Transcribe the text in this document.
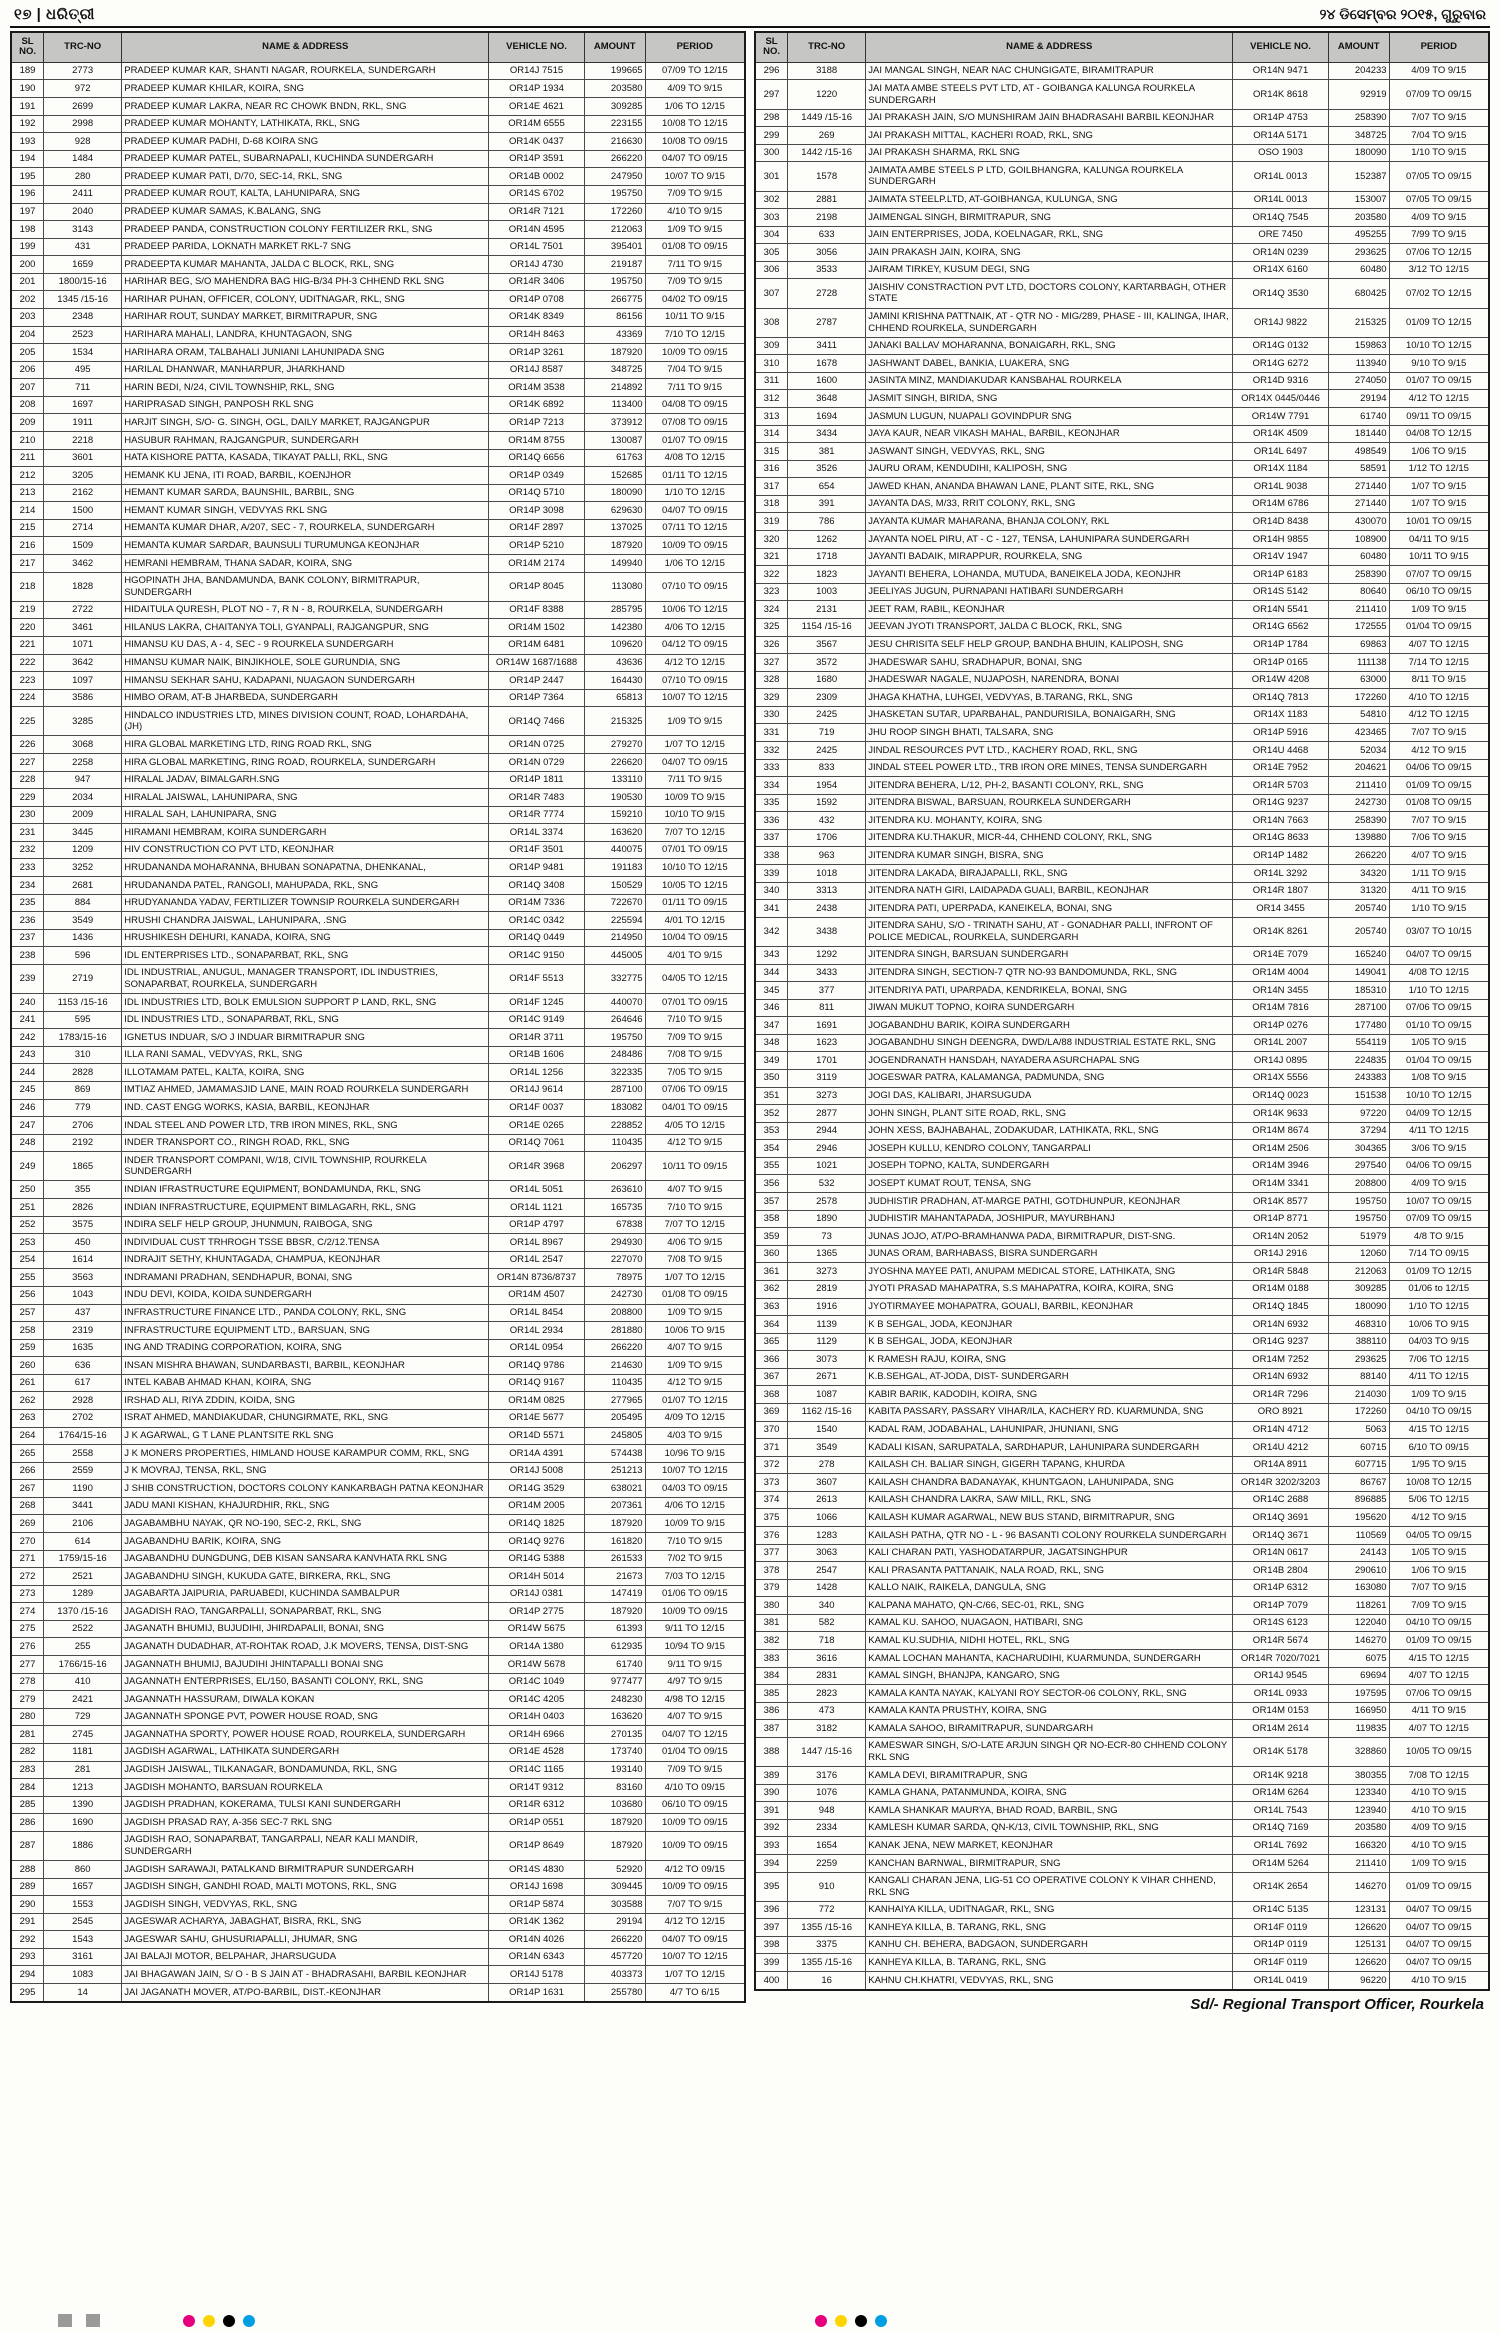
୧୭ | ଧରିତ୍ରୀ	୨୪ ଡିସେମ୍ବର ୨୦୧୫, ଗୁରୁବାର
SL NO.	TRC-NO	NAME & ADDRESS	VEHICLE NO.	AMOUNT	PERIOD
189	2773	PRADEEP KUMAR KAR, SHANTI NAGAR, ROURKELA, SUNDERGARH	OR14J 7515	199665	07/09 TO 12/15
190	972	PRADEEP KUMAR KHILAR, KOIRA, SNG	OR14P 1934	203580	4/09 TO 9/15
191	2699	PRADEEP KUMAR LAKRA, NEAR RC CHOWK BNDN, RKL, SNG	OR14E 4621	309285	1/06 TO 12/15
192	2998	PRADEEP KUMAR MOHANTY, LATHIKATA, RKL, SNG	OR14M 6555	223155	10/08 TO 12/15
193	928	PRADEEP KUMAR PADHI, D-68 KOIRA SNG	OR14K 0437	216630	10/08 TO 09/15
194	1484	PRADEEP KUMAR PATEL, SUBARNAPALI, KUCHINDA SUNDERGARH	OR14P 3591	266220	04/07 TO 09/15
195	280	PRADEEP KUMAR PATI, D/70, SEC-14, RKL, SNG	OR14B 0002	247950	10/07 TO 9/15
196	2411	PRADEEP KUMAR ROUT, KALTA, LAHUNIPARA, SNG	OR14S 6702	195750	7/09 TO 9/15
197	2040	PRADEEP KUMAR SAMAS, K.BALANG, SNG	OR14R 7121	172260	4/10 TO 9/15
198	3143	PRADEEP PANDA, CONSTRUCTION COLONY FERTILIZER RKL, SNG	OR14N 4595	212063	1/09 TO 9/15
199	431	PRADEEP PARIDA, LOKNATH MARKET RKL-7 SNG	OR14L 7501	395401	01/08 TO 09/15
200	1659	PRADEEPTA KUMAR MAHANTA, JALDA C BLOCK, RKL, SNG	OR14J 4730	219187	7/11 TO 9/15
201	1800/15-16	HARIHAR BEG, S/O MAHENDRA BAG HIG-B/34 PH-3 CHHEND RKL SNG	OR14R 3406	195750	7/09 TO 9/15
202	1345 /15-16	HARIHAR PUHAN, OFFICER, COLONY, UDITNAGAR, RKL, SNG	OR14P 0708	266775	04/02 TO 09/15
203	2348	HARIHAR ROUT, SUNDAY MARKET, BIRMITRAPUR, SNG	OR14K 8349	86156	10/11 TO 9/15
204	2523	HARIHARA MAHALI, LANDRA, KHUNTAGAON, SNG	OR14H 8463	43369	7/10 TO 12/15
205	1534	HARIHARA ORAM, TALBAHALI JUNIANI LAHUNIPADA SNG	OR14P 3261	187920	10/09 TO 09/15
206	495	HARILAL DHANWAR, MANHARPUR, JHARKHAND	OR14J 8587	348725	7/04 TO 9/15
207	711	HARIN BEDI, N/24, CIVIL TOWNSHIP, RKL, SNG	OR14M 3538	214892	7/11 TO 9/15
208	1697	HARIPRASAD SINGH, PANPOSH RKL SNG	OR14K 6892	113400	04/08 TO 09/15
209	1911	HARJIT SINGH, S/O- G. SINGH, OGL, DAILY MARKET, RAJGANGPUR	OR14P 7213	373912	07/08 TO 09/15
210	2218	HASUBUR RAHMAN, RAJGANGPUR, SUNDERGARH	OR14M 8755	130087	01/07 TO 09/15
211	3601	HATA KISHORE PATTA, KASADA, TIKAYAT PALLI, RKL, SNG	OR14Q 6656	61763	4/08 TO 12/15
212	3205	HEMANK KU JENA, ITI ROAD, BARBIL, KOENJHOR	OR14P 0349	152685	01/11 TO 12/15
213	2162	HEMANT KUMAR SARDA, BAUNSHIL, BARBIL, SNG	OR14Q 5710	180090	1/10 TO 12/15
214	1500	HEMANT KUMAR SINGH, VEDVYAS RKL SNG	OR14P 3098	629630	04/07 TO 09/15
215	2714	HEMANTA KUMAR DHAR, A/207, SEC - 7, ROURKELA, SUNDERGARH	OR14F 2897	137025	07/11 TO 12/15
216	1509	HEMANTA KUMAR SARDAR, BAUNSULI TURUMUNGA KEONJHAR	OR14P 5210	187920	10/09 TO 09/15
217	3462	HEMRANI HEMBRAM, THANA SADAR, KOIRA, SNG	OR14M 2174	149940	1/06 TO 12/15
218	1828	HGOPINATH JHA, BANDAMUNDA, BANK COLONY, BIRMITRAPUR, SUNDERGARH	OR14P 8045	113080	07/10 TO 09/15
219	2722	HIDAITULA QURESH, PLOT NO - 7, R N - 8, ROURKELA, SUNDERGARH	OR14F 8388	285795	10/06 TO 12/15
220	3461	HILANUS LAKRA, CHAITANYA TOLI, GYANPALI, RAJGANGPUR, SNG	OR14M 1502	142380	4/06 TO 12/15
221	1071	HIMANSU KU DAS, A - 4, SEC - 9 ROURKELA SUNDERGARH	OR14M 6481	109620	04/12 TO 09/15
222	3642	HIMANSU KUMAR NAIK, BINJIKHOLE, SOLE GURUNDIA, SNG	OR14W 1687/1688	43636	4/12 TO 12/15
223	1097	HIMANSU SEKHAR SAHU, KADAPANI, NUAGAON SUNDERGARH	OR14P 2447	164430	07/10 TO 09/15
224	3586	HIMBO ORAM, AT-B JHARBEDA, SUNDERGARH	OR14P 7364	65813	10/07 TO 12/15
225	3285	HINDALCO INDUSTRIES LTD, MINES DIVISION COUNT, ROAD, LOHARDAHA, (JH)	OR14Q 7466	215325	1/09 TO 9/15
226	3068	HIRA GLOBAL MARKETING LTD, RING ROAD RKL, SNG	OR14N 0725	279270	1/07 TO 12/15
227	2258	HIRA GLOBAL MARKETING, RING ROAD, ROURKELA, SUNDERGARH	OR14N 0729	226620	04/07 TO 09/15
228	947	HIRALAL JADAV, BIMALGARH.SNG	OR14P 1811	133110	7/11 TO 9/15
229	2034	HIRALAL JAISWAL, LAHUNIPARA, SNG	OR14R 7483	190530	10/09 TO 9/15
230	2009	HIRALAL SAH, LAHUNIPARA, SNG	OR14R 7774	159210	10/10 TO 9/15
231	3445	HIRAMANI HEMBRAM, KOIRA SUNDERGARH	OR14L 3374	163620	7/07 TO 12/15
232	1209	HIV CONSTRUCTION CO PVT LTD, KEONJHAR	OR14F 3501	440075	07/01 TO 09/15
233	3252	HRUDANANDA MOHARANNA, BHUBAN SONAPATNA, DHENKANAL,	OR14P 9481	191183	10/10 TO 12/15
234	2681	HRUDANANDA PATEL, RANGOLI, MAHUPADA, RKL, SNG	OR14Q 3408	150529	10/05 TO 12/15
235	884	HRUDYANANDA YADAV, FERTILIZER TOWNSIP ROURKELA SUNDERGARH	OR14M 7336	722670	01/11 TO 09/15
236	3549	HRUSHI CHANDRA JAISWAL, LAHUNIPARA, .SNG	OR14C 0342	225594	4/01 TO 12/15
237	1436	HRUSHIKESH DEHURI, KANADA, KOIRA, SNG	OR14Q 0449	214950	10/04 TO 09/15
238	596	IDL ENTERPRISES LTD., SONAPARBAT, RKL, SNG	OR14C 9150	445005	4/01 TO 9/15
239	2719	IDL INDUSTRIAL, ANUGUL, MANAGER TRANSPORT, IDL INDUSTRIES, SONAPARBAT, ROURKELA, SUNDERGARH	OR14F 5513	332775	04/05 TO 12/15
240	1153 /15-16	IDL INDUSTRIES LTD, BOLK EMULSION SUPPORT P LAND, RKL, SNG	OR14F 1245	440070	07/01 TO 09/15
241	595	IDL INDUSTRIES LTD., SONAPARBAT, RKL, SNG	OR14C 9149	264646	7/10 TO 9/15
242	1783/15-16	IGNETUS INDUAR, S/O J INDUAR BIRMITRAPUR SNG	OR14R 3711	195750	7/09 TO 9/15
243	310	ILLA RANI SAMAL, VEDVYAS, RKL, SNG	OR14B 1606	248486	7/08 TO 9/15
244	2828	ILLOTAMAM PATEL, KALTA, KOIRA, SNG	OR14L 1256	322335	7/05 TO 9/15
245	869	IMTIAZ AHMED, JAMAMASJID LANE, MAIN ROAD ROURKELA SUNDERGARH	OR14J 9614	287100	07/06 TO 09/15
246	779	IND. CAST ENGG WORKS, KASIA, BARBIL, KEONJHAR	OR14F 0037	183082	04/01 TO 09/15
247	2706	INDAL STEEL AND POWER LTD, TRB IRON MINES, RKL, SNG	OR14E 0265	228852	4/05 TO 12/15
248	2192	INDER TRANSPORT CO., RINGH ROAD, RKL, SNG	OR14Q 7061	110435	4/12 TO 9/15
249	1865	INDER TRANSPORT COMPANI, W/18, CIVIL TOWNSHIP, ROURKELA SUNDERGARH	OR14R 3968	206297	10/11 TO 09/15
250	355	INDIAN IFRASTRUCTURE EQUIPMENT, BONDAMUNDA, RKL, SNG	OR14L 5051	263610	4/07 TO 9/15
251	2826	INDIAN INFRASTRUCTURE, EQUIPMENT BIMLAGARH, RKL, SNG	OR14L 1121	165735	7/10 TO 9/15
252	3575	INDIRA SELF HELP GROUP, JHUNMUN, RAIBOGA, SNG	OR14P 4797	67838	7/07 TO 12/15
253	450	INDIVIDUAL CUST TRHROGH TSSE BBSR, C/2/12.TENSA	OR14L 8967	294930	4/06 TO 9/15
254	1614	INDRAJIT SETHY, KHUNTAGADA, CHAMPUA, KEONJHAR	OR14L 2547	227070	7/08 TO 9/15
255	3563	INDRAMANI PRADHAN, SENDHAPUR, BONAI, SNG	OR14N 8736/8737	78975	1/07 TO 12/15
256	1043	INDU DEVI, KOIDA, KOIDA SUNDERGARH	OR14M 4507	242730	01/08 TO 09/15
257	437	INFRASTRUCTURE FINANCE LTD., PANDA COLONY, RKL, SNG	OR14L 8454	208800	1/09 TO 9/15
258	2319	INFRASTRUCTURE EQUIPMENT LTD., BARSUAN, SNG	OR14L 2934	281880	10/06 TO 9/15
259	1635	ING AND TRADING CORPORATION, KOIRA, SNG	OR14L 0954	266220	4/07 TO 9/15
260	636	INSAN MISHRA BHAWAN, SUNDARBASTI, BARBIL, KEONJHAR	OR14Q 9786	214630	1/09 TO 9/15
261	617	INTEL KABAB AHMAD KHAN, KOIRA, SNG	OR14Q 9167	110435	4/12 TO 9/15
262	2928	IRSHAD ALI, RIYA ZDDIN, KOIDA, SNG	OR14M 0825	277965	01/07 TO 12/15
263	2702	ISRAT AHMED, MANDIAKUDAR, CHUNGIRMATE, RKL, SNG	OR14E 5677	205495	4/09 TO 12/15
264	1764/15-16	J K AGARWAL, G T LANE PLANTSITE RKL SNG	OR14D 5571	245805	4/03 TO 9/15
265	2558	J K MONERS PROPERTIES, HIMLAND HOUSE KARAMPUR COMM, RKL, SNG	OR14A 4391	574438	10/96 TO 9/15
266	2559	J K MOVRAJ, TENSA, RKL, SNG	OR14J 5008	251213	10/07 TO 12/15
267	1190	J SHIB CONSTRUCTION, DOCTORS COLONY KANKARBAGH PATNA KEONJHAR	OR14G 3529	638021	04/03 TO 09/15
268	3441	JADU MANI KISHAN, KHAJURDHIR, RKL, SNG	OR14M 2005	207361	4/06 TO 12/15
269	2106	JAGABAMBHU NAYAK, QR NO-190, SEC-2, RKL, SNG	OR14Q 1825	187920	10/09 TO 9/15
270	614	JAGABANDHU BARIK, KOIRA, SNG	OR14Q 9276	161820	7/10 TO 9/15
271	1759/15-16	JAGABANDHU DUNGDUNG, DEB KISAN SANSARA KANVHATA RKL SNG	OR14G 5388	261533	7/02 TO 9/15
272	2521	JAGABANDHU SINGH, KUKUDA GATE, BIRKERA, RKL, SNG	OR14H 5014	21673	7/03 TO 12/15
273	1289	JAGABARTA JAIPURIA, PARUABEDI, KUCHINDA SAMBALPUR	OR14J 0381	147419	01/06 TO 09/15
274	1370 /15-16	JAGADISH RAO, TANGARPALLI, SONAPARBAT, RKL, SNG	OR14P 2775	187920	10/09 TO 09/15
275	2522	JAGANATH BHUMIJ, BUJUDIHI, JHIRDAPALII, BONAI, SNG	OR14W 5675	61393	9/11 TO 12/15
276	255	JAGANATH DUDADHAR, AT-ROHTAK ROAD, J.K MOVERS, TENSA, DIST-SNG	OR14A 1380	612935	10/94 TO 9/15
277	1766/15-16	JAGANNATH BHUMIJ, BAJUDIHI JHINTAPALLI BONAI SNG	OR14W 5678	61740	9/11 TO 9/15
278	410	JAGANNATH ENTERPRISES, EL/150, BASANTI COLONY, RKL, SNG	OR14C 1049	977477	4/97 TO 9/15
279	2421	JAGANNATH HASSURAM, DIWALA KOKAN	OR14C 4205	248230	4/98 TO 12/15
280	729	JAGANNATH SPONGE PVT, POWER HOUSE ROAD, SNG	OR14H 0403	163620	4/07 TO 9/15
281	2745	JAGANNATHA SPORTY, POWER HOUSE ROAD, ROURKELA, SUNDERGARH	OR14H 6966	270135	04/07 TO 12/15
282	1181	JAGDISH AGARWAL, LATHIKATA SUNDERGARH	OR14E 4528	173740	01/04 TO 09/15
283	281	JAGDISH JAISWAL, TILKANAGAR, BONDAMUNDA, RKL, SNG	OR14C 1165	193140	7/09 TO 9/15
284	1213	JAGDISH MOHANTO, BARSUAN ROURKELA	OR14T 9312	83160	4/10 TO 09/15
285	1390	JAGDISH PRADHAN, KOKERAMA, TULSI KANI SUNDERGARH	OR14R 6312	103680	06/10 TO 09/15
286	1690	JAGDISH PRASAD RAY, A-356 SEC-7 RKL SNG	OR14P 0551	187920	10/09 TO 09/15
287	1886	JAGDISH RAO, SONAPARBAT, TANGARPALI, NEAR KALI MANDIR, SUNDERGARH	OR14P 8649	187920	10/09 TO 09/15
288	860	JAGDISH SARAWAJI, PATALKAND BIRMITRAPUR SUNDERGARH	OR14S 4830	52920	4/12 TO 09/15
289	1657	JAGDISH SINGH, GANDHI ROAD, MALTI MOTONS, RKL, SNG	OR14J 1698	309445	10/09 TO 09/15
290	1553	JAGDISH SINGH, VEDVYAS, RKL, SNG	OR14P 5874	303588	7/07 TO 9/15
291	2545	JAGESWAR ACHARYA, JABAGHAT, BISRA, RKL, SNG	OR14K 1362	29194	4/12 TO 12/15
292	1543	JAGESWAR SAHU, GHUSURIAPALLI, JHUMAR, SNG	OR14N 4026	266220	04/07 TO 09/15
293	3161	JAI BALAJI MOTOR, BELPAHAR, JHARSUGUDA	OR14N 6343	457720	10/07 TO 12/15
294	1083	JAI BHAGAWAN JAIN, S/ O - B S JAIN AT - BHADRASAHI, BARBIL KEONJHAR	OR14J 5178	403373	1/07 TO 12/15
295	14	JAI JAGANATH MOVER, AT/PO-BARBIL, DIST.-KEONJHAR	OR14P 1631	255780	4/7 TO 6/15
SL NO.	TRC-NO	NAME & ADDRESS	VEHICLE NO.	AMOUNT	PERIOD
296	3188	JAI MANGAL SINGH, NEAR NAC CHUNGIGATE, BIRAMITRAPUR	OR14N 9471	204233	4/09 TO 9/15
297	1220	JAI MATA AMBE STEELS PVT LTD, AT - GOIBANGA KALUNGA ROURKELA SUNDERGARH	OR14K 8618	92919	07/09 TO 09/15
298	1449 /15-16	JAI PRAKASH JAIN, S/O MUNSHIRAM JAIN BHADRASAHI BARBIL KEONJHAR	OR14P 4753	258390	7/07 TO 9/15
299	269	JAI PRAKASH MITTAL, KACHERI ROAD, RKL, SNG	OR14A 5171	348725	7/04 TO 9/15
300	1442 /15-16	JAI PRAKASH SHARMA, RKL SNG	OSO 1903	180090	1/10 TO 9/15
301	1578	JAIMATA AMBE STEELS P LTD, GOILBHANGRA, KALUNGA ROURKELA SUNDERGARH	OR14L 0013	152387	07/05 TO 09/15
302	2881	JAIMATA STEELP.LTD, AT-GOIBHANGA, KULUNGA, SNG	OR14L 0013	153007	07/05 TO 09/15
303	2198	JAIMENGAL SINGH, BIRMITRAPUR, SNG	OR14Q 7545	203580	4/09 TO 9/15
304	633	JAIN ENTERPRISES, JODA, KOELNAGAR, RKL, SNG	ORE 7450	495255	7/99 TO 9/15
305	3056	JAIN PRAKASH JAIN, KOIRA, SNG	OR14N 0239	293625	07/06 TO 12/15
306	3533	JAIRAM TIRKEY, KUSUM DEGI, SNG	OR14X 6160	60480	3/12 TO 12/15
307	2728	JAISHIV CONSTRACTION PVT LTD, DOCTORS COLONY, KARTARBAGH, OTHER STATE	OR14Q 3530	680425	07/02 TO 12/15
308	2787	JAMINI KRISHNA PATTNAIK, AT - QTR NO - MIG/289, PHASE - III, KALINGA, IHAR, CHHEND ROURKELA, SUNDERGARH	OR14J 9822	215325	01/09 TO 12/15
309	3411	JANAKI BALLAV MOHARANNA, BONAIGARH, RKL, SNG	OR14G 0132	159863	10/10 TO 12/15
310	1678	JASHWANT DABEL, BANKIA, LUAKERA, SNG	OR14G 6272	113940	9/10 TO 9/15
311	1600	JASINTA MINZ, MANDIAKUDAR KANSBAHAL ROURKELA	OR14D 9316	274050	01/07 TO 09/15
312	3648	JASMIT SINGH, BIRIDA, SNG	OR14X 0445/0446	29194	4/12 TO 12/15
313	1694	JASMUN LUGUN, NUAPALI GOVINDPUR SNG	OR14W 7791	61740	09/11 TO 09/15
314	3434	JAYA KAUR, NEAR VIKASH MAHAL, BARBIL, KEONJHAR	OR14K 4509	181440	04/08 TO 12/15
315	381	JASWANT SINGH, VEDVYAS, RKL, SNG	OR14L 6497	498549	1/06 TO 9/15
316	3526	JAURU ORAM, KENDUDIHI, KALIPOSH, SNG	OR14X 1184	58591	1/12 TO 12/15
317	654	JAWED KHAN, ANANDA BHAWAN LANE, PLANT SITE, RKL, SNG	OR14L 9038	271440	1/07 TO 9/15
318	391	JAYANTA DAS, M/33, RRIT COLONY, RKL, SNG	OR14M 6786	271440	1/07 TO 9/15
319	786	JAYANTA KUMAR MAHARANA, BHANJA COLONY, RKL	OR14D 8438	430070	10/01 TO 09/15
320	1262	JAYANTA NOEL PIRU, AT - C - 127, TENSA, LAHUNIPARA SUNDERGARH	OR14H 9855	108900	04/11 TO 9/15
321	1718	JAYANTI BADAIK, MIRAPPUR, ROURKELA, SNG	OR14V 1947	60480	10/11 TO 9/15
322	1823	JAYANTI BEHERA, LOHANDA, MUTUDA, BANEIKELA JODA, KEONJHR	OR14P 6183	258390	07/07 TO 09/15
323	1003	JEELIYAS JUGUN, PURNAPANI HATIBARI SUNDERGARH	OR14S 5142	80640	06/10 TO 09/15
324	2131	JEET RAM, RABIL, KEONJHAR	OR14N 5541	211410	1/09 TO 9/15
325	1154 /15-16	JEEVAN JYOTI TRANSPORT, JALDA C BLOCK, RKL, SNG	OR14G 6562	172555	01/04 TO 09/15
326	3567	JESU CHRISITA SELF HELP GROUP, BANDHA BHUIN, KALIPOSH, SNG	OR14P 1784	69863	4/07 TO 12/15
327	3572	JHADESWAR SAHU, SRADHAPUR, BONAI, SNG	OR14P 0165	111138	7/14 TO 12/15
328	1680	JHADESWAR NAGALE, NUJAPOSH, NARENDRA, BONAI	OR14W 4208	63000	8/11 TO 9/15
329	2309	JHAGA KHATHA, LUHGEI, VEDVYAS, B.TARANG, RKL, SNG	OR14Q 7813	172260	4/10 TO 12/15
330	2425	JHASKETAN SUTAR, UPARBAHAL, PANDURISILA, BONAIGARH, SNG	OR14X 1183	54810	4/12 TO 12/15
331	719	JHU ROOP SINGH BHATI, TALSARA, SNG	OR14P 5916	423465	7/07 TO 9/15
332	2425	JINDAL RESOURCES PVT LTD., KACHERY ROAD, RKL, SNG	OR14U 4468	52034	4/12 TO 9/15
333	833	JINDAL STEEL POWER LTD., TRB IRON ORE MINES, TENSA SUNDERGARH	OR14E 7952	204621	04/06 TO 09/15
334	1954	JITENDRA BEHERA, L/12, PH-2, BASANTI COLONY, RKL, SNG	OR14R 5703	211410	01/09 TO 09/15
335	1592	JITENDRA BISWAL, BARSUAN, ROURKELA SUNDERGARH	OR14G 9237	242730	01/08 TO 09/15
336	432	JITENDRA KU. MOHANTY, KOIRA, SNG	OR14N 7663	258390	7/07 TO 9/15
337	1706	JITENDRA KU.THAKUR, MICR-44, CHHEND COLONY, RKL, SNG	OR14G 8633	139880	7/06 TO 9/15
338	963	JITENDRA KUMAR SINGH, BISRA, SNG	OR14P 1482	266220	4/07 TO 9/15
339	1018	JITENDRA LAKADA, BIRAJAPALLI, RKL, SNG	OR14L 3292	34320	1/11 TO 9/15
340	3313	JITENDRA NATH GIRI, LAIDAPADA GUALI, BARBIL, KEONJHAR	OR14R 1807	31320	4/11 TO 9/15
341	2438	JITENDRA PATI, UPERPADA, KANEIKELA, BONAI, SNG	OR14 3455	205740	1/10 TO 9/15
342	3438	JITENDRA SAHU, S/O - TRINATH SAHU, AT - GONADHAR PALLI, INFRONT OF POLICE MEDICAL, ROURKELA, SUNDERGARH	OR14K 8261	205740	03/07 TO 10/15
343	1292	JITENDRA SINGH, BARSUAN SUNDERGARH	OR14E 7079	165240	04/07 TO 09/15
344	3433	JITENDRA SINGH, SECTION-7 QTR NO-93 BANDOMUNDA, RKL, SNG	OR14M 4004	149041	4/08 TO 12/15
345	377	JITENDRIYA PATI, UPARPADA, KENDRIKELA, BONAI, SNG	OR14N 3455	185310	1/10 TO 12/15
346	811	JIWAN MUKUT TOPNO, KOIRA SUNDERGARH	OR14M 7816	287100	07/06 TO 09/15
347	1691	JOGABANDHU BARIK, KOIRA SUNDERGARH	OR14P 0276	177480	01/10 TO 09/15
348	1623	JOGABANDHU SINGH DEENGRA, DWD/LA/88 INDUSTRIAL ESTATE RKL, SNG	OR14L 2007	554119	1/05 TO 9/15
349	1701	JOGENDRANATH HANSDAH, NAYADERA ASURCHAPAL SNG	OR14J 0895	224835	01/04 TO 09/15
350	3119	JOGESWAR PATRA, KALAMANGA, PADMUNDA, SNG	OR14X 5556	243383	1/08 TO 9/15
351	3273	JOGI DAS, KALIBARI, JHARSUGUDA	OR14Q 0023	151538	10/10 TO 12/15
352	2877	JOHN SINGH, PLANT SITE ROAD, RKL, SNG	OR14K 9633	97220	04/09 TO 12/15
353	2944	JOHN XESS, BAJHABAHAL, ZODAKUDAR, LATHIKATA, RKL, SNG	OR14M 8674	37294	4/11 TO 12/15
354	2946	JOSEPH KULLU, KENDRO COLONY, TANGARPALI	OR14M 2506	304365	3/06 TO 9/15
355	1021	JOSEPH TOPNO, KALTA, SUNDERGARH	OR14M 3946	297540	04/06 TO 09/15
356	532	JOSEPT KUMAT ROUT, TENSA, SNG	OR14M 3341	208800	4/09 TO 9/15
357	2578	JUDHISTIR PRADHAN, AT-MARGE PATHI, GOTDHUNPUR, KEONJHAR	OR14K 8577	195750	10/07 TO 09/15
358	1890	JUDHISTIR MAHANTAPADA, JOSHIPUR, MAYURBHANJ	OR14P 8771	195750	07/09 TO 09/15
359	73	JUNAS JOJO, AT/PO-BRAMHANWA PADA, BIRMITRAPUR, DIST-SNG.	OR14N 2052	51979	4/8 TO 9/15
360	1365	JUNAS ORAM, BARHABASS, BISRA SUNDERGARH	OR14J 2916	12060	7/14 TO 09/15
361	3273	JYOSHNA MAYEE PATI, ANUPAM MEDICAL STORE, LATHIKATA, SNG	OR14R 5848	212063	01/09 TO 12/15
362	2819	JYOTI PRASAD MAHAPATRA, S.S MAHAPATRA, KOIRA, KOIRA, SNG	OR14M 0188	309285	01/06 to 12/15
363	1916	JYOTIRMAYEE MOHAPATRA, GOUALI, BARBIL, KEONJHAR	OR14Q 1845	180090	1/10 TO 12/15
364	1139	K B SEHGAL, JODA, KEONJHAR	OR14N 6932	468310	10/06 TO 9/15
365	1129	K B SEHGAL, JODA, KEONJHAR	OR14G 9237	388110	04/03 TO 9/15
366	3073	K RAMESH RAJU, KOIRA, SNG	OR14M 7252	293625	7/06 TO 12/15
367	2671	K.B.SEHGAL, AT-JODA, DIST- SUNDERGARH	OR14N 6932	88140	4/11 TO 12/15
368	1087	KABIR BARIK, KADODIH, KOIRA, SNG	OR14R 7296	214030	1/09 TO 9/15
369	1162 /15-16	KABITA PASSARY, PASSARY VIHAR/ILA, KACHERY RD. KUARMUNDA, SNG	ORO 8921	172260	04/10 TO 09/15
370	1540	KADAL RAM, JODABAHAL, LAHUNIPAR, JHUNIANI, SNG	OR14N 4712	5063	4/15 TO 12/15
371	3549	KADALI KISAN, SARUPATALA, SARDHAPUR, LAHUNIPARA SUNDERGARH	OR14U 4212	60715	6/10 TO 09/15
372	278	KAILASH CH. BALIAR SINGH, GIGERH TAPANG, KHURDA	OR14A 8911	607715	1/95 TO 9/15
373	3607	KAILASH CHANDRA BADANAYAK, KHUNTGAON, LAHUNIPADA, SNG	OR14R 3202/3203	86767	10/08 TO 12/15
374	2613	KAILASH CHANDRA LAKRA, SAW MILL, RKL, SNG	OR14C 2688	896885	5/06 TO 12/15
375	1066	KAILASH KUMAR AGARWAL, NEW BUS STAND, BIRMITRAPUR, SNG	OR14Q 3691	195620	4/12 TO 9/15
376	1283	KAILASH PATHA, QTR NO - L - 96 BASANTI COLONY ROURKELA SUNDERGARH	OR14Q 3671	110569	04/05 TO 09/15
377	3063	KALI CHARAN PATI, YASHODATARPUR, JAGATSINGHPUR	OR14N 0617	24143	1/05 TO 9/15
378	2547	KALI PRASANTA PATTANAIK, NALA ROAD, RKL, SNG	OR14B 2804	290610	1/06 TO 9/15
379	1428	KALLO NAIK, RAIKELA, DANGULA, SNG	OR14P 6312	163080	7/07 TO 9/15
380	340	KALPANA MAHATO, QN-C/66, SEC-01, RKL, SNG	OR14P 7079	118261	7/09 TO 9/15
381	582	KAMAL KU. SAHOO, NUAGAON, HATIBARI, SNG	OR14S 6123	122040	04/10 TO 09/15
382	718	KAMAL KU.SUDHIA, NIDHI HOTEL, RKL, SNG	OR14R 5674	146270	01/09 TO 09/15
383	3616	KAMAL LOCHAN MAHANTA, KACHARUDIHI, KUARMUNDA, SUNDERGARH	OR14R 7020/7021	6075	4/15 TO 12/15
384	2831	KAMAL SINGH, BHANJPA, KANGARO, SNG	OR14J 9545	69694	4/07 TO 12/15
385	2823	KAMALA KANTA NAYAK, KALYANI ROY SECTOR-06 COLONY, RKL, SNG	OR14L 0933	197595	07/06 TO 09/15
386	473	KAMALA KANTA PRUSTHY, KOIRA, SNG	OR14M 0153	166950	4/11 TO 9/15
387	3182	KAMALA SAHOO, BIRAMITRAPUR, SUNDARGARH	OR14M 2614	119835	4/07 TO 12/15
388	1447 /15-16	KAMESWAR SINGH, S/O-LATE ARJUN SINGH QR NO-ECR-80 CHHEND COLONY RKL SNG	OR14K 5178	328860	10/05 TO 09/15
389	3176	KAMLA DEVI, BIRAMITRAPUR, SNG	OR14K 9218	380355	7/08 TO 12/15
390	1076	KAMLA GHANA, PATANMUNDA, KOIRA, SNG	OR14M 6264	123340	4/10 TO 9/15
391	948	KAMLA SHANKAR MAURYA, BHAD ROAD, BARBIL, SNG	OR14L 7543	123940	4/10 TO 9/15
392	2334	KAMLESH KUMAR SARDA, QN-K/13, CIVIL TOWNSHIP, RKL, SNG	OR14Q 7169	203580	4/09 TO 9/15
393	1654	KANAK JENA, NEW MARKET, KEONJHAR	OR14L 7692	166320	4/10 TO 9/15
394	2259	KANCHAN BARNWAL, BIRMITRAPUR, SNG	OR14M 5264	211410	1/09 TO 9/15
395	910	KANGALI CHARAN JENA, LIG-51 CO OPERATIVE COLONY K VIHAR CHHEND, RKL SNG	OR14K 2654	146270	01/09 TO 09/15
396	772	KANHAIYA KILLA, UDITNAGAR, RKL, SNG	OR14C 5135	123131	04/07 TO 09/15
397	1355 /15-16	KANHEYA KILLA, B. TARANG, RKL, SNG	OR14F 0119	126620	04/07 TO 09/15
398	3375	KANHU CH. BEHERA, BADGAON, SUNDERGARH	OR14P 0119	125131	04/07 TO 09/15
399	1355 /15-16	KANHEYA KILLA, B. TARANG, RKL, SNG	OR14F 0119	126620	04/07 TO 09/15
400	16	KAHNU CH.KHATRI, VEDVYAS, RKL, SNG	OR14L 0419	96220	4/10 TO 9/15
Sd/- Regional Transport Officer, Rourkela
